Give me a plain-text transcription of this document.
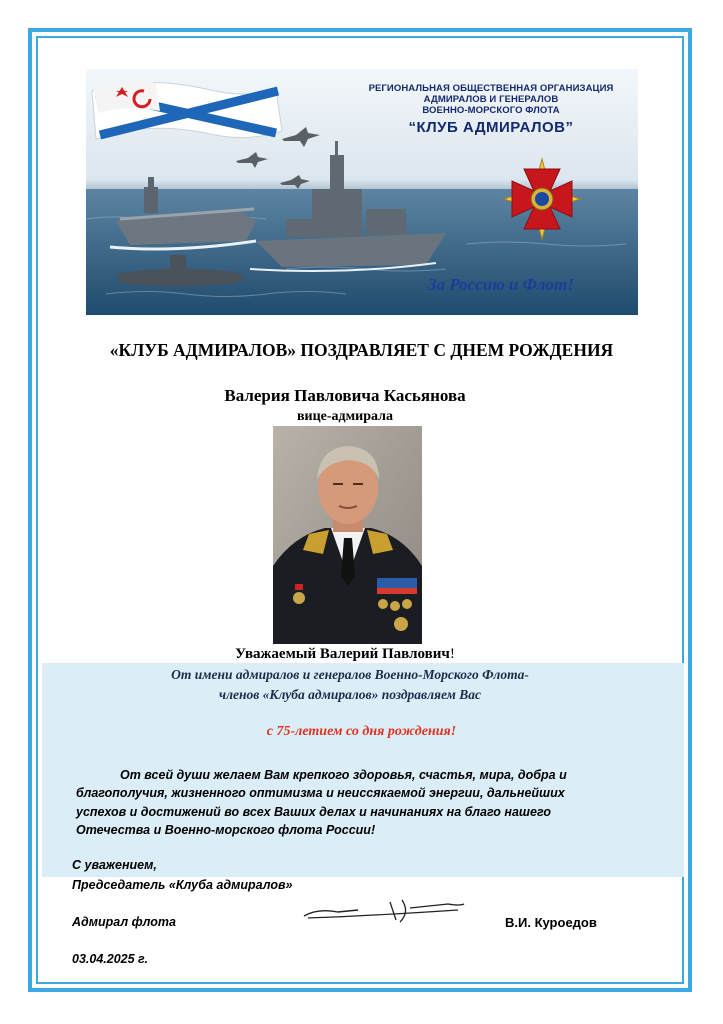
РЕГИОНАЛЬНАЯ ОБЩЕСТВЕННАЯ ОРГАНИЗАЦИЯ
АДМИРАЛОВ И ГЕНЕРАЛОВ
ВОЕННО-МОРСКОГО ФЛОТА
“КЛУБ АДМИРАЛОВ”
За Россию и Флот!
«КЛУБ АДМИРАЛОВ» ПОЗДРАВЛЯЕТ С ДНЕМ РОЖДЕНИЯ
Валерия Павловича Касьянова
вице-адмирала
Уважаемый Валерий Павлович!
От имени адмиралов и генералов Военно-Морского Флота-
членов «Клуба адмиралов» поздравляем Вас
с 75-летием со дня рождения!
От всей души желаем Вам крепкого здоровья, счастья, мира, добра и
благополучия, жизненного оптимизма и неиссякаемой энергии, дальнейших
успехов и достижений во всех Ваших делах и начинаниях на благо нашего
Отечества и Военно-морского флота России!
С уважением,
Председатель «Клуба адмиралов»
Адмирал флота	В.И. Куроедов
03.04.2025 г.
